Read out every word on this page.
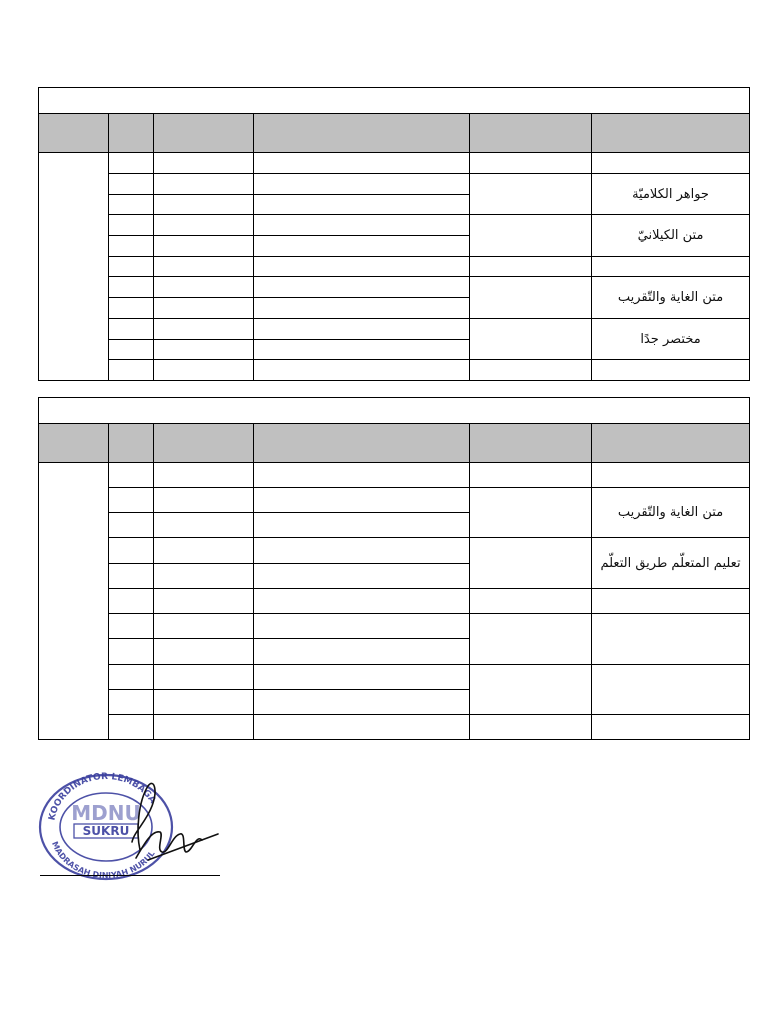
					جواهر الكلاميّة

					متن الكيلانيّ

					متن الغاية والتّقريب

					مختصر جدًا

					متن الغاية والتّقريب

					تعليم المتعلّم طريق التعلّم

KOORDINATOR LEMBAGA
MADRASAH DINIYAH NURUL
MDNU
SUKRU
